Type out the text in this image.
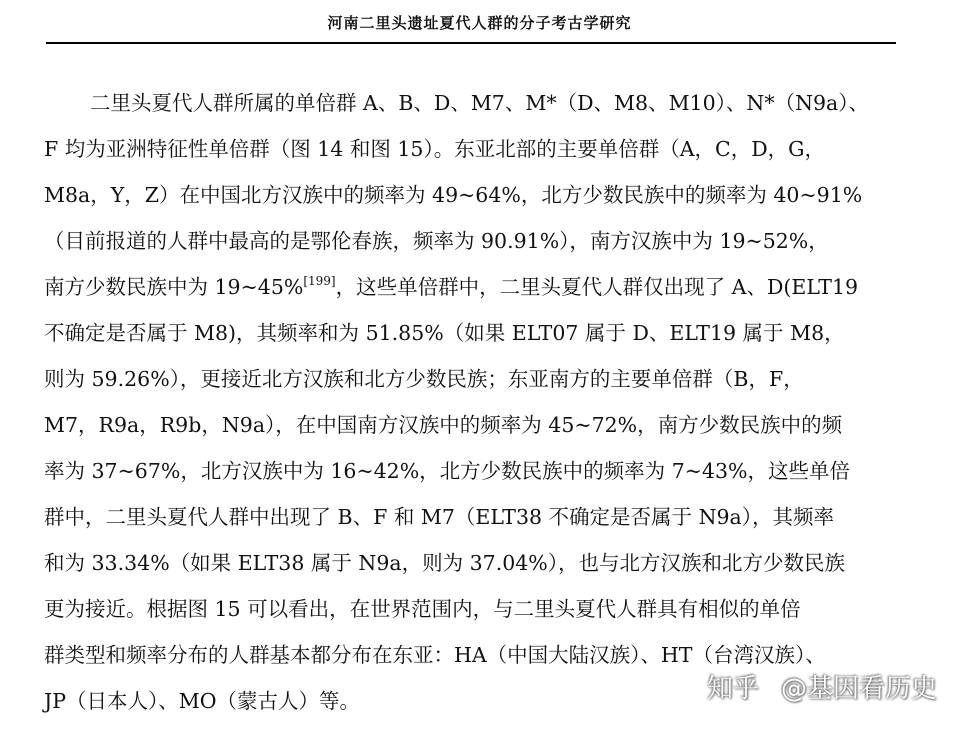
河南二里头遗址夏代人群的分子考古学研究
二里头夏代人群所属的单倍群 A、B、D、M7、M*（D、M8、M10）、N*（N9a）、
F 均为亚洲特征性单倍群（图 14 和图 15）。东亚北部的主要单倍群（A，C，D，G，
M8a，Y，Z）在中国北方汉族中的频率为 49~64%，北方少数民族中的频率为 40~91%
（目前报道的人群中最高的是鄂伦春族，频率为 90.91%），南方汉族中为 19~52%，
南方少数民族中为 19~45%[199]，这些单倍群中，二里头夏代人群仅出现了 A、D(ELT19
不确定是否属于 M8)，其频率和为 51.85%（如果 ELT07 属于 D、ELT19 属于 M8，
则为 59.26%），更接近北方汉族和北方少数民族；东亚南方的主要单倍群（B，F，
M7，R9a，R9b，N9a），在中国南方汉族中的频率为 45~72%，南方少数民族中的频
率为 37~67%，北方汉族中为 16~42%，北方少数民族中的频率为 7~43%，这些单倍
群中，二里头夏代人群中出现了 B、F 和 M7（ELT38 不确定是否属于 N9a），其频率
和为 33.34%（如果 ELT38 属于 N9a，则为 37.04%），也与北方汉族和北方少数民族
更为接近。根据图 15 可以看出，在世界范围内，与二里头夏代人群具有相似的单倍
群类型和频率分布的人群基本都分布在东亚：HA（中国大陆汉族）、HT（台湾汉族）、
JP（日本人）、MO（蒙古人）等。	知乎 @基因看历史
